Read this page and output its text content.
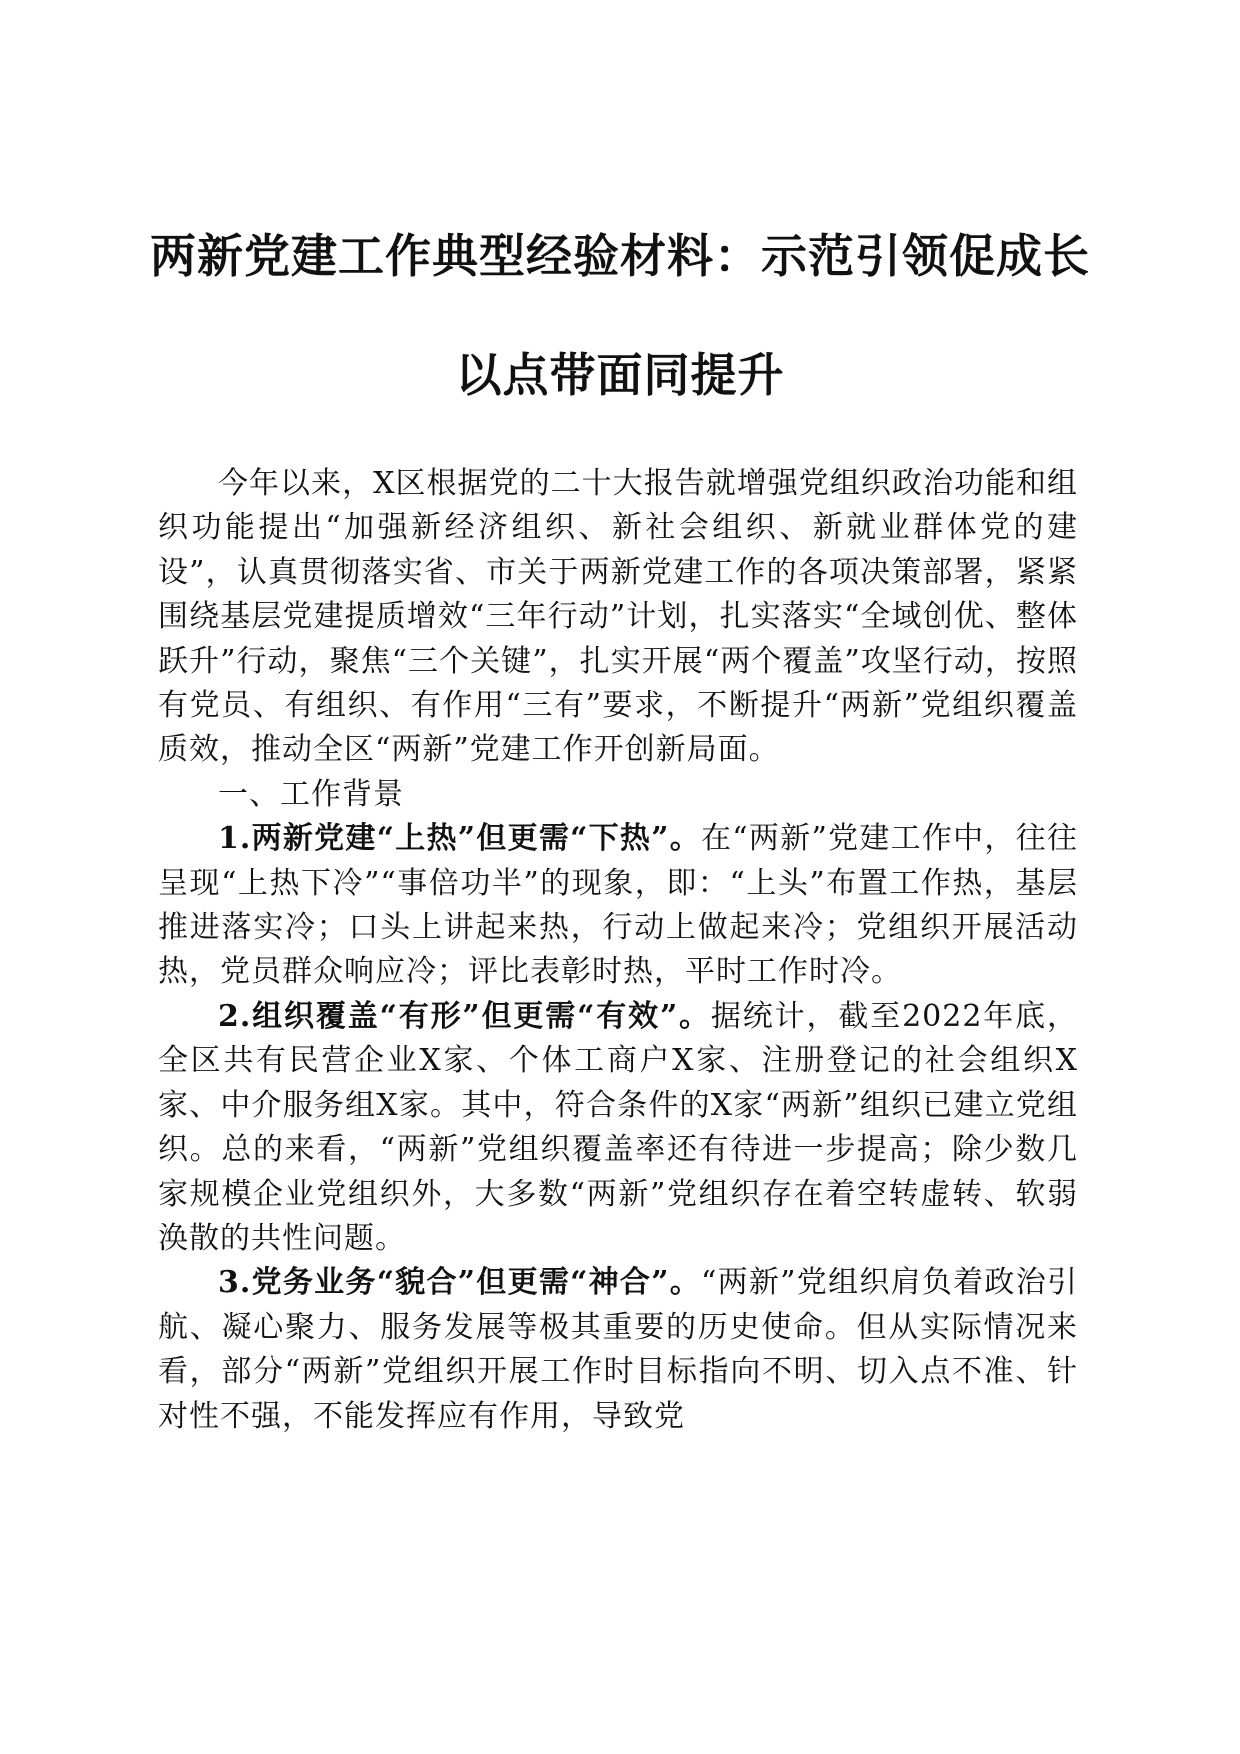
两新党建工作典型经验材料：示范引领促成长
以点带面同提升

今年以来，X区根据党的二十大报告就增强党组织政治功能和组织功能提出“加强新经济组织、新社会组织、新就业群体党的建设”，认真贯彻落实省、市关于两新党建工作的各项决策部署，紧紧围绕基层党建提质增效“三年行动”计划，扎实落实“全域创优、整体跃升”行动，聚焦“三个关键”，扎实开展“两个覆盖”攻坚行动，按照有党员、有组织、有作用“三有”要求，不断提升“两新”党组织覆盖质效，推动全区“两新”党建工作开创新局面。

一、工作背景

1.两新党建“上热”但更需“下热”。在“两新”党建工作中，往往呈现“上热下冷”“事倍功半”的现象，即：“上头”布置工作热，基层推进落实冷；口头上讲起来热，行动上做起来冷；党组织开展活动热，党员群众响应冷；评比表彰时热，平时工作时冷。

2.组织覆盖“有形”但更需“有效”。据统计，截至2022年底，全区共有民营企业X家、个体工商户X家、注册登记的社会组织X家、中介服务组X家。其中，符合条件的X家“两新”组织已建立党组织。总的来看，“两新”党组织覆盖率还有待进一步提高；除少数几家规模企业党组织外，大多数“两新”党组织存在着空转虚转、软弱涣散的共性问题。

3.党务业务“貌合”但更需“神合”。“两新”党组织肩负着政治引航、凝心聚力、服务发展等极其重要的历史使命。但从实际情况来看，部分“两新”党组织开展工作时目标指向不明、切入点不准、针对性不强，不能发挥应有作用，导致党
